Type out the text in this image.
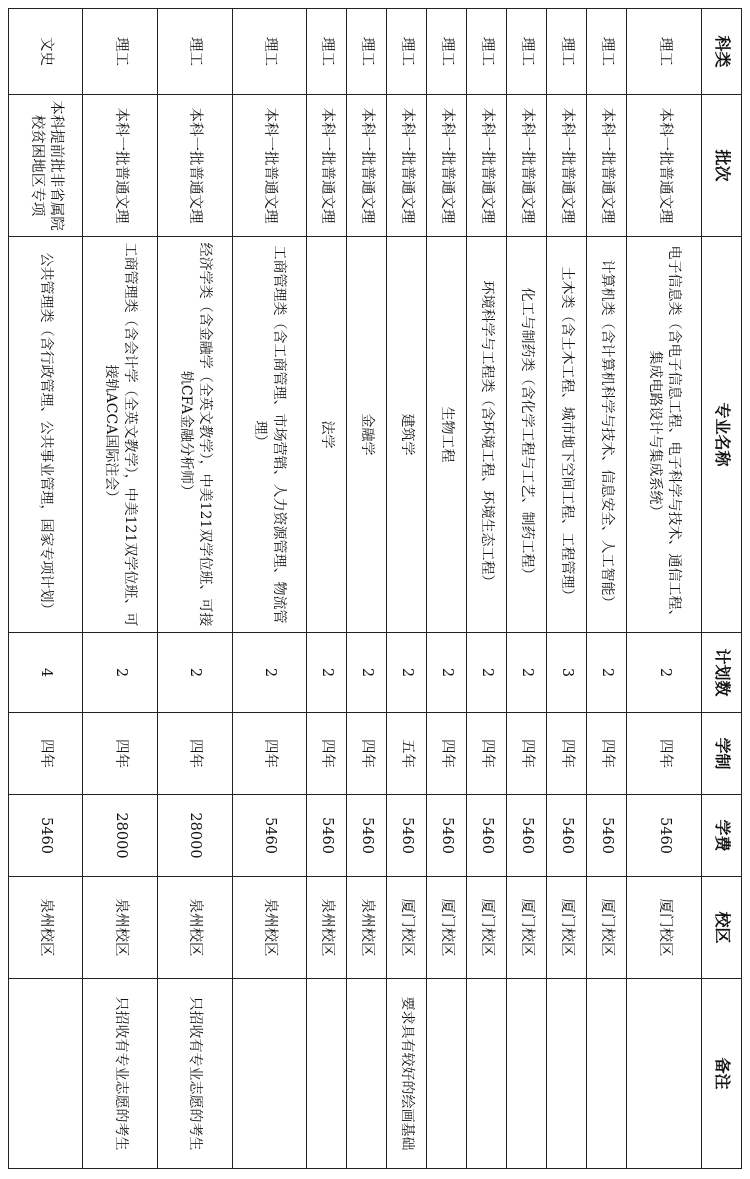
科类	批次	专业名称	计划数	学制	学费	校区	备注
理工	本科一批普通文理	电子信息类（含电子信息工程、电子科学与技术、通信工程、集成电路设计与集成系统）	2	四年	5460	厦门校区	
理工	本科一批普通文理	计算机类（含计算机科学与技术、信息安全、人工智能）	2	四年	5460	厦门校区	
理工	本科一批普通文理	土木类（含土木工程、城市地下空间工程、工程管理）	3	四年	5460	厦门校区	
理工	本科一批普通文理	化工与制药类（含化学工程与工艺、制药工程）	2	四年	5460	厦门校区	
理工	本科一批普通文理	环境科学与工程类（含环境工程、环境生态工程）	2	四年	5460	厦门校区	
理工	本科一批普通文理	生物工程	2	四年	5460	厦门校区	
理工	本科一批普通文理	建筑学	2	五年	5460	厦门校区	要求具有较好的绘画基础
理工	本科一批普通文理	金融学	2	四年	5460	泉州校区	
理工	本科一批普通文理	法学	2	四年	5460	泉州校区	
理工	本科一批普通文理	工商管理类（含工商管理、市场营销、人力资源管理、物流管理）	2	四年	5460	泉州校区	
理工	本科一批普通文理	经济学类（含金融学（全英文教学），中美121双学位班、可接轨CFA金融分析师）	2	四年	28000	泉州校区	只招收有专业志愿的考生
理工	本科一批普通文理	工商管理类（含会计学（全英文教学），中美121双学位班、可接轨ACCA国际注会）	2	四年	28000	泉州校区	只招收有专业志愿的考生
文史	本科提前批非省属院校贫困地区专项	公共管理类（含行政管理、公共事业管理，国家专项计划）	4	四年	5460	泉州校区	
